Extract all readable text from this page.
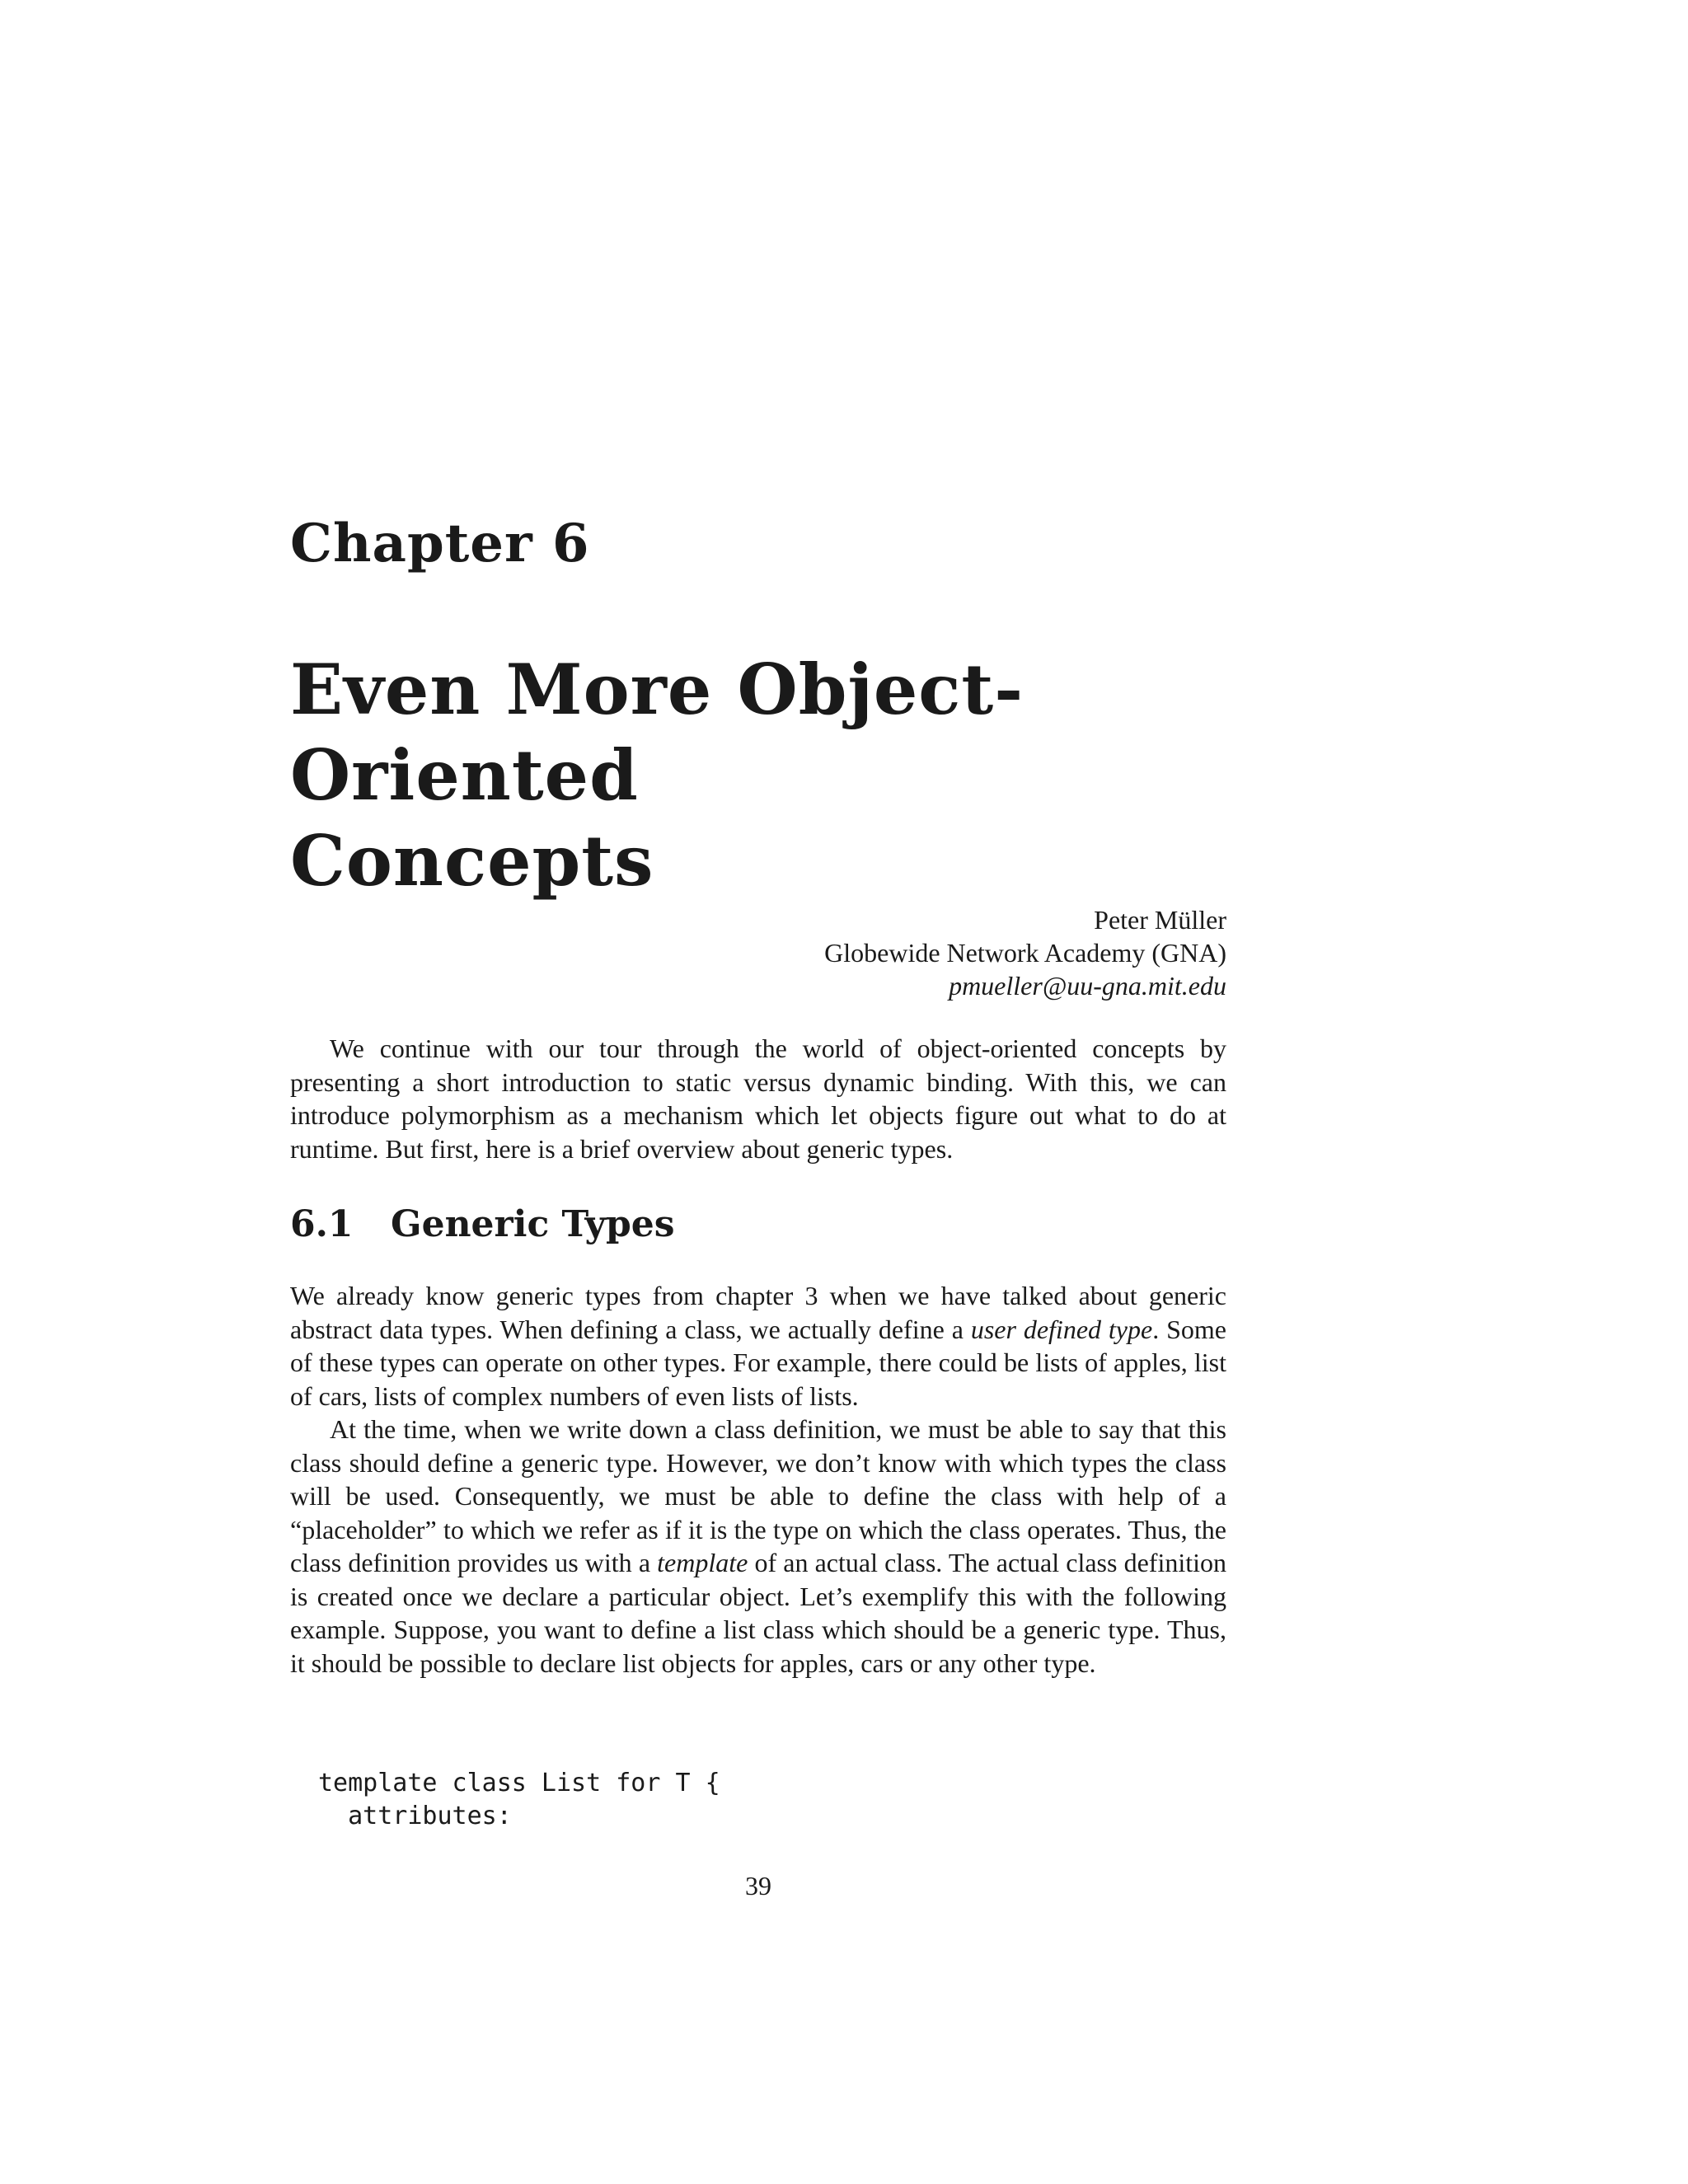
Chapter 6
Even More Object-Oriented
Concepts
Peter Müller
Globewide Network Academy (GNA)
pmueller@uu-gna.mit.edu

We continue with our tour through the world of object-oriented concepts by presenting a short introduction to static versus dynamic binding. With this, we can introduce polymorphism as a mechanism which let objects figure out what to do at runtime. But first, here is a brief overview about generic types.

6.1 Generic Types

We already know generic types from chapter 3 when we have talked about generic abstract data types. When defining a class, we actually define a user defined type. Some of these types can operate on other types. For example, there could be lists of apples, list of cars, lists of complex numbers of even lists of lists.

At the time, when we write down a class definition, we must be able to say that this class should define a generic type. However, we don’t know with which types the class will be used. Consequently, we must be able to define the class with help of a “placeholder” to which we refer as if it is the type on which the class operates. Thus, the class definition provides us with a template of an actual class. The actual class definition is created once we declare a particular object. Let’s exemplify this with the following example. Suppose, you want to define a list class which should be a generic type. Thus, it should be possible to declare list objects for apples, cars or any other type.

template class List for T {
attributes:
39
